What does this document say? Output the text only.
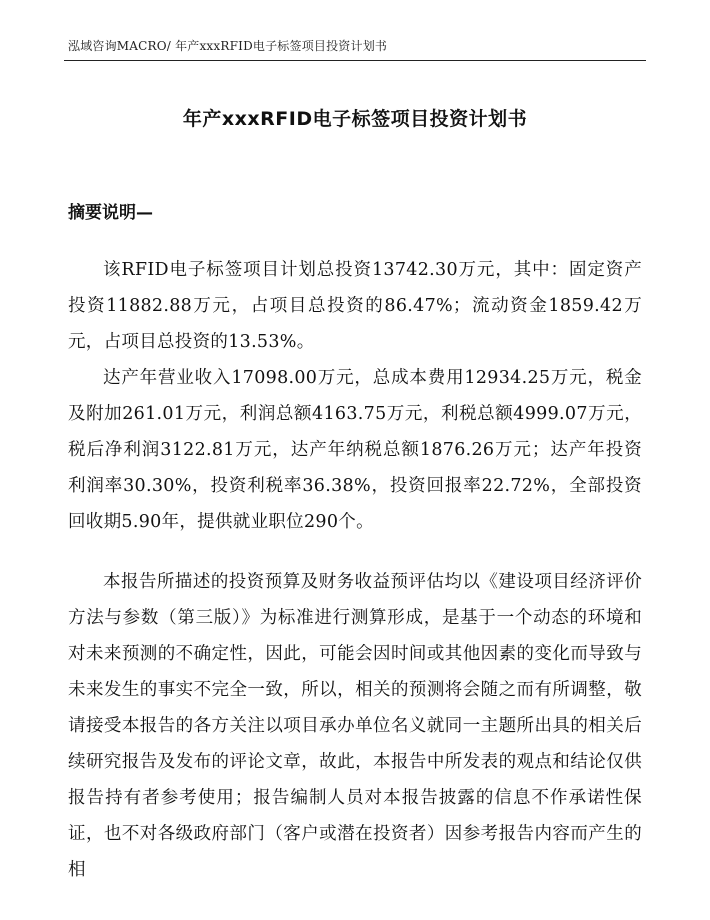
泓域咨询MACRO/ 年产xxxRFID电子标签项目投资计划书
年产xxxRFID电子标签项目投资计划书
摘要说明—

该RFID电子标签项目计划总投资13742.30万元，其中：固定资产投资11882.88万元，占项目总投资的86.47%；流动资金1859.42万元，占项目总投资的13.53%。

达产年营业收入17098.00万元，总成本费用12934.25万元，税金及附加261.01万元，利润总额4163.75万元，利税总额4999.07万元，税后净利润3122.81万元，达产年纳税总额1876.26万元；达产年投资利润率30.30%，投资利税率36.38%，投资回报率22.72%，全部投资回收期5.90年，提供就业职位290个。

本报告所描述的投资预算及财务收益预评估均以《建设项目经济评价方法与参数（第三版）》为标准进行测算形成，是基于一个动态的环境和对未来预测的不确定性，因此，可能会因时间或其他因素的变化而导致与未来发生的事实不完全一致，所以，相关的预测将会随之而有所调整，敬请接受本报告的各方关注以项目承办单位名义就同一主题所出具的相关后续研究报告及发布的评论文章，故此，本报告中所发表的观点和结论仅供报告持有者参考使用；报告编制人员对本报告披露的信息不作承诺性保证，也不对各级政府部门（客户或潜在投资者）因参考报告内容而产生的相
